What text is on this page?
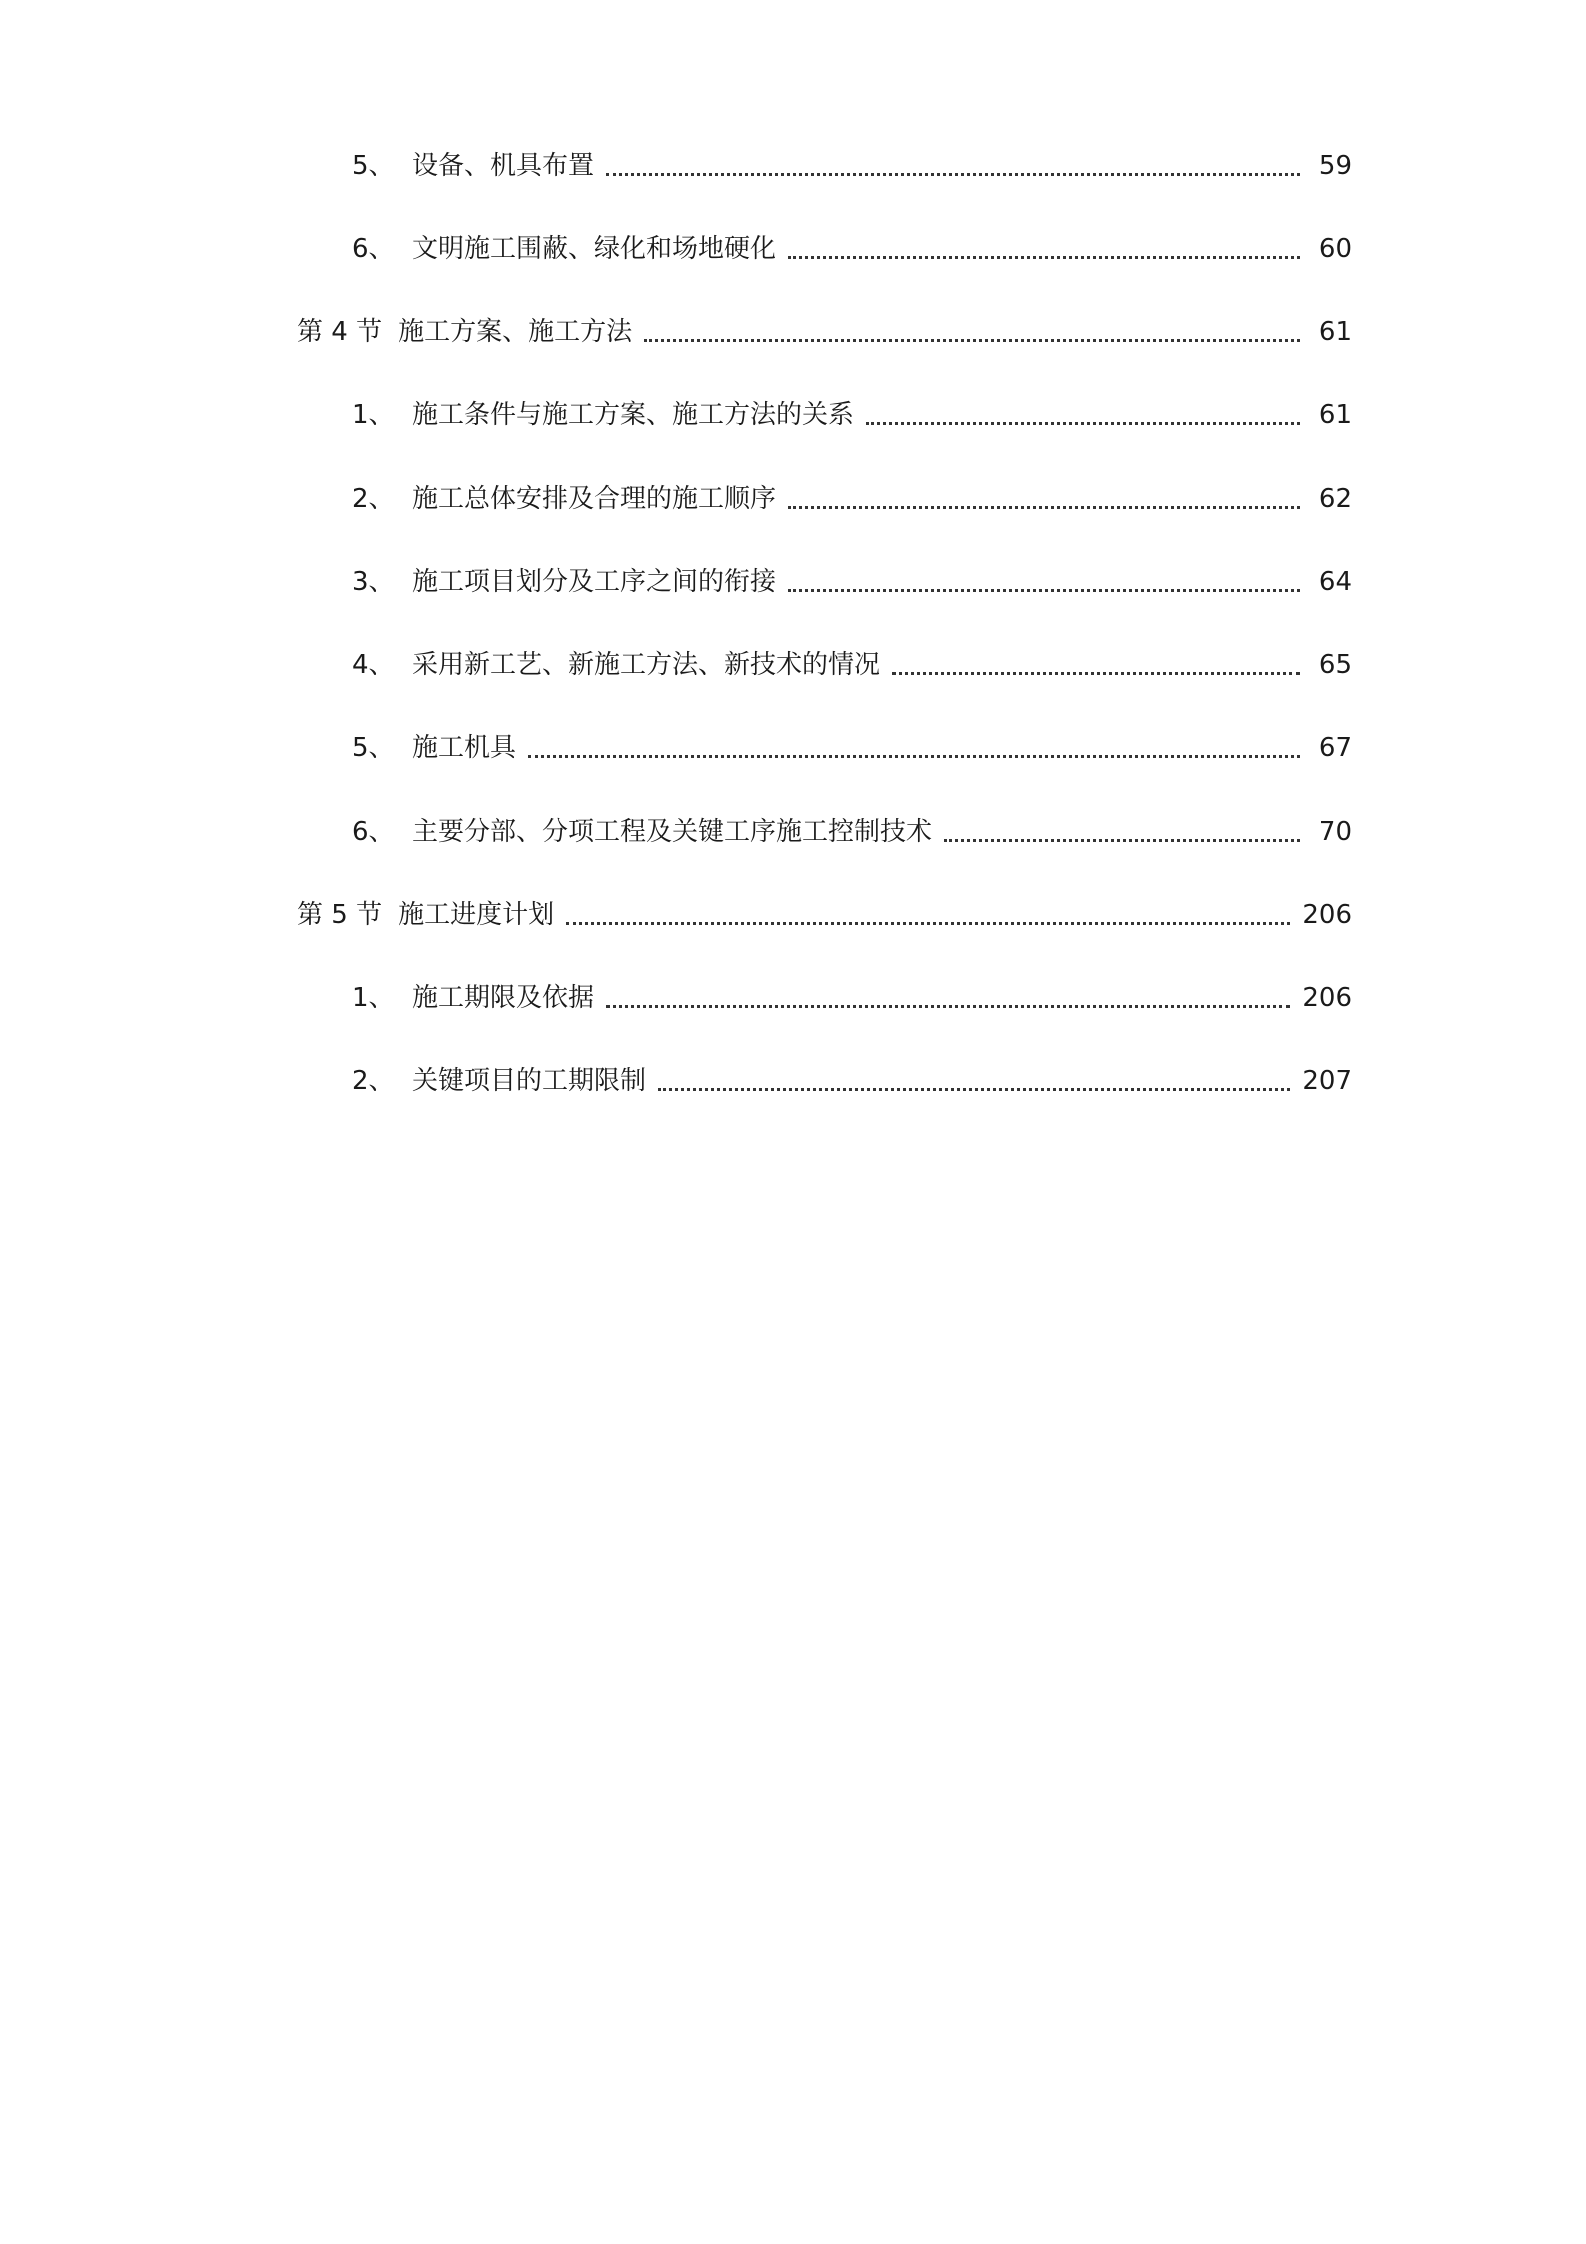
5、 设备、机具布置	59
6、 文明施工围蔽、绿化和场地硬化	60
第 4 节 施工方案、施工方法	61
1、 施工条件与施工方案、施工方法的关系	61
2、 施工总体安排及合理的施工顺序	62
3、 施工项目划分及工序之间的衔接	64
4、 采用新工艺、新施工方法、新技术的情况	65
5、 施工机具	67
6、 主要分部、分项工程及关键工序施工控制技术	70
第 5 节 施工进度计划	206
1、 施工期限及依据	206
2、 关键项目的工期限制	207
